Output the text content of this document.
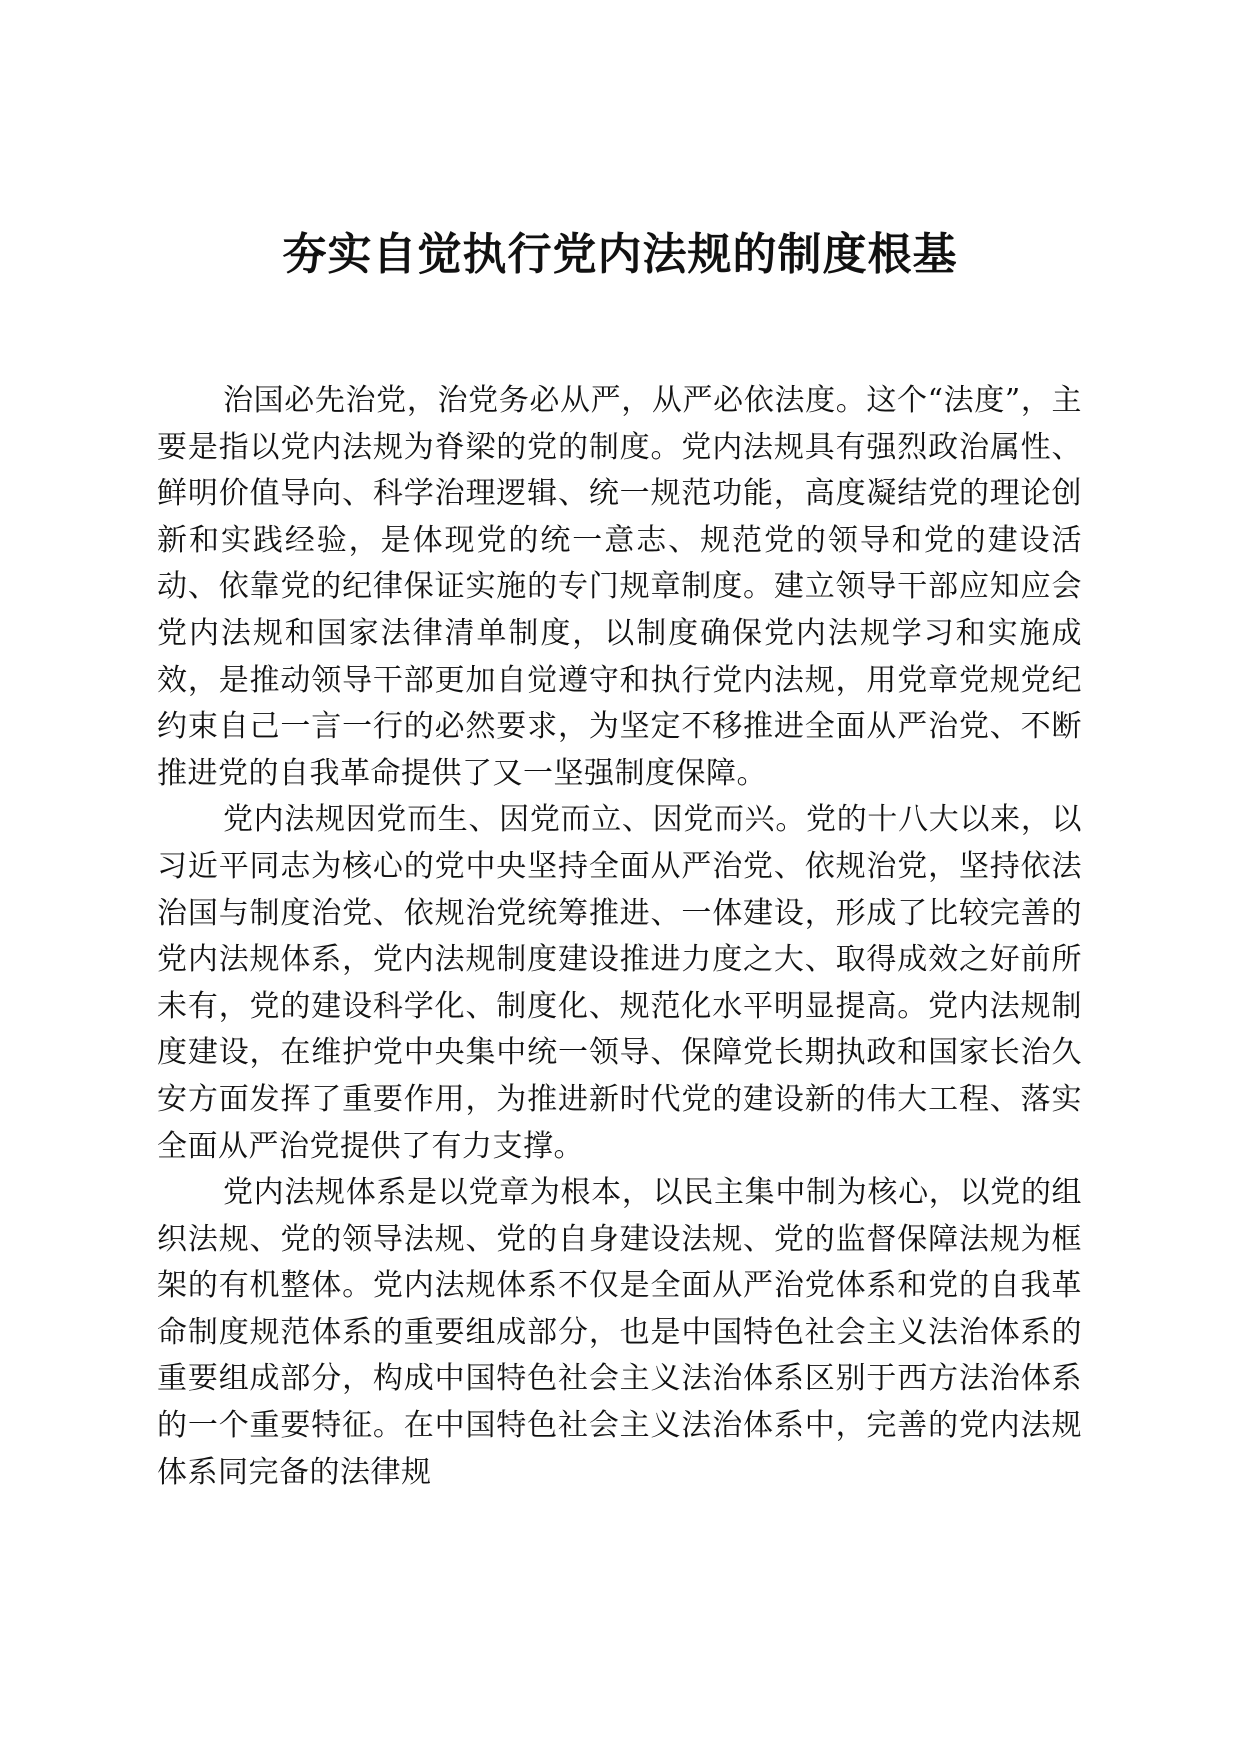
夯实自觉执行党内法规的制度根基

治国必先治党，治党务必从严，从严必依法度。这个“法度”，主要是指以党内法规为脊梁的党的制度。党内法规具有强烈政治属性、鲜明价值导向、科学治理逻辑、统一规范功能，高度凝结党的理论创新和实践经验，是体现党的统一意志、规范党的领导和党的建设活动、依靠党的纪律保证实施的专门规章制度。建立领导干部应知应会党内法规和国家法律清单制度，以制度确保党内法规学习和实施成效，是推动领导干部更加自觉遵守和执行党内法规，用党章党规党纪约束自己一言一行的必然要求，为坚定不移推进全面从严治党、不断推进党的自我革命提供了又一坚强制度保障。

党内法规因党而生、因党而立、因党而兴。党的十八大以来，以习近平同志为核心的党中央坚持全面从严治党、依规治党，坚持依法治国与制度治党、依规治党统筹推进、一体建设，形成了比较完善的党内法规体系，党内法规制度建设推进力度之大、取得成效之好前所未有，党的建设科学化、制度化、规范化水平明显提高。党内法规制度建设，在维护党中央集中统一领导、保障党长期执政和国家长治久安方面发挥了重要作用，为推进新时代党的建设新的伟大工程、落实全面从严治党提供了有力支撑。

党内法规体系是以党章为根本，以民主集中制为核心，以党的组织法规、党的领导法规、党的自身建设法规、党的监督保障法规为框架的有机整体。党内法规体系不仅是全面从严治党体系和党的自我革命制度规范体系的重要组成部分，也是中国特色社会主义法治体系的重要组成部分，构成中国特色社会主义法治体系区别于西方法治体系的一个重要特征。在中国特色社会主义法治体系中，完善的党内法规体系同完备的法律规
